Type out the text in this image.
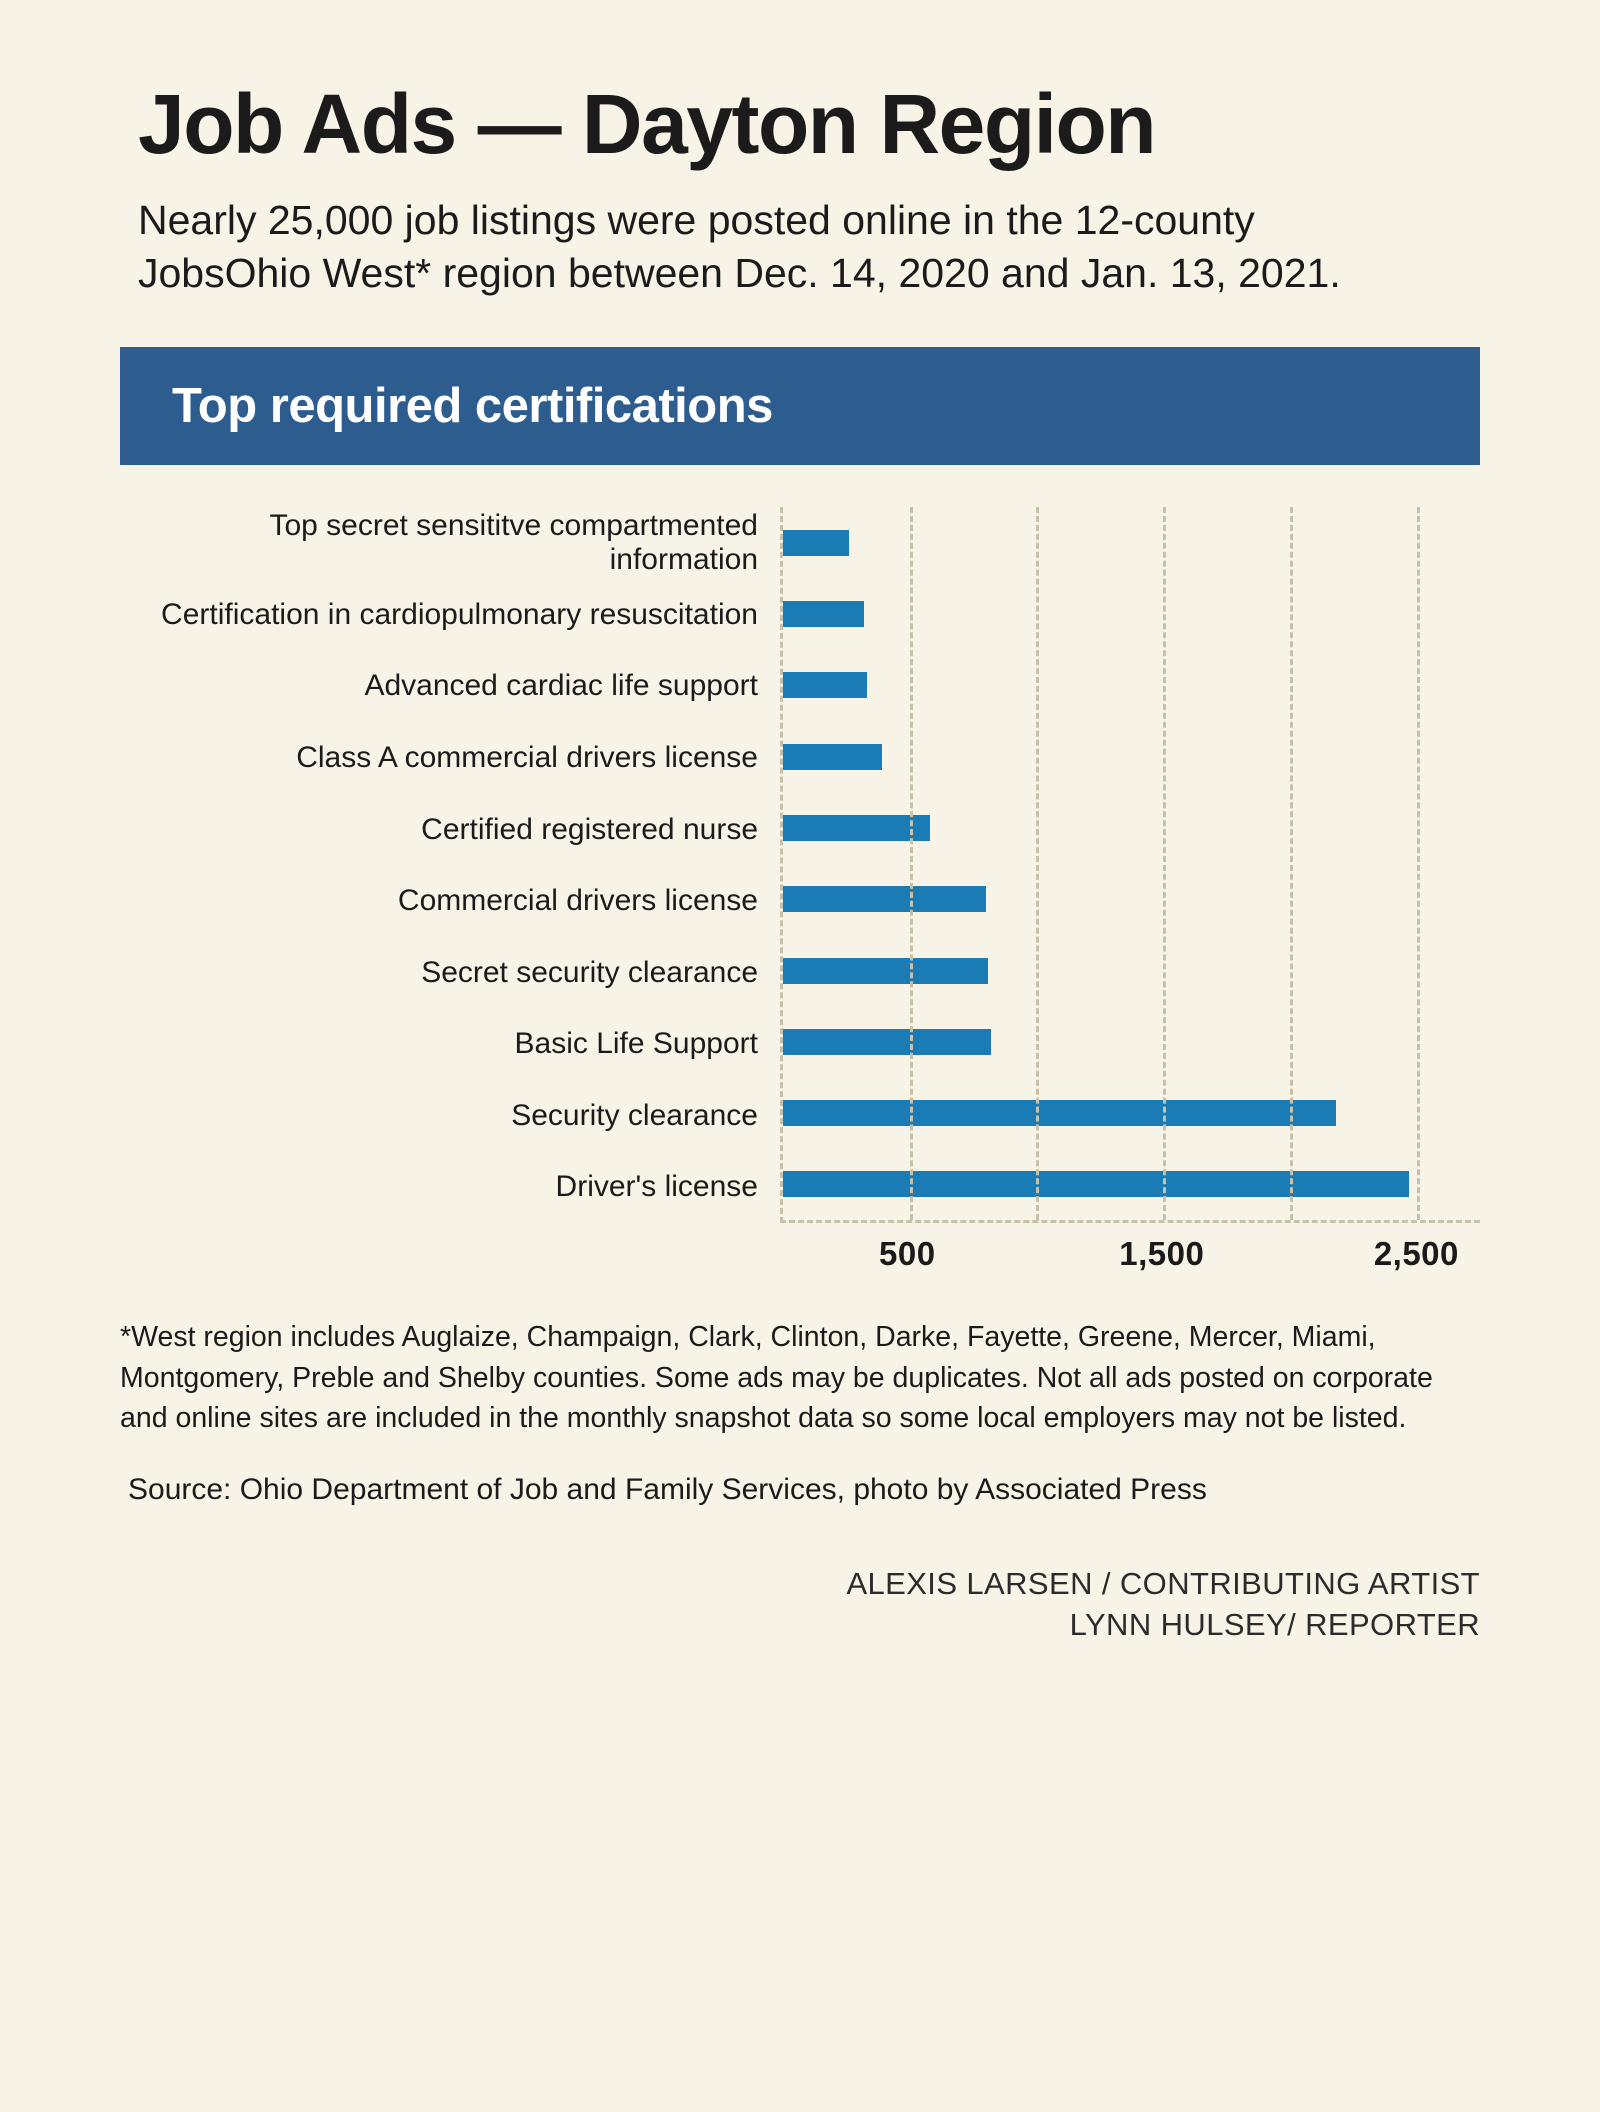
Job Ads — Dayton Region

Nearly 25,000 job listings were posted online in the 12-county JobsOhio West* region between Dec. 14, 2020 and Jan. 13, 2021.

Top required certifications
Top secret sensititve compartmented information
Certification in cardiopulmonary resuscitation
Advanced cardiac life support
Class A commercial drivers license
Certified registered nurse
Commercial drivers license
Secret security clearance
Basic Life Support
Security clearance
Driver's license
500	1,500	2,500

*West region includes Auglaize, Champaign, Clark, Clinton, Darke, Fayette, Greene, Mercer, Miami, Montgomery, Preble and Shelby counties. Some ads may be duplicates. Not all ads posted on corporate and online sites are included in the monthly snapshot data so some local employers may not be listed.

Source: Ohio Department of Job and Family Services, photo by Associated Press

ALEXIS LARSEN / CONTRIBUTING ARTIST
LYNN HULSEY/ REPORTER
